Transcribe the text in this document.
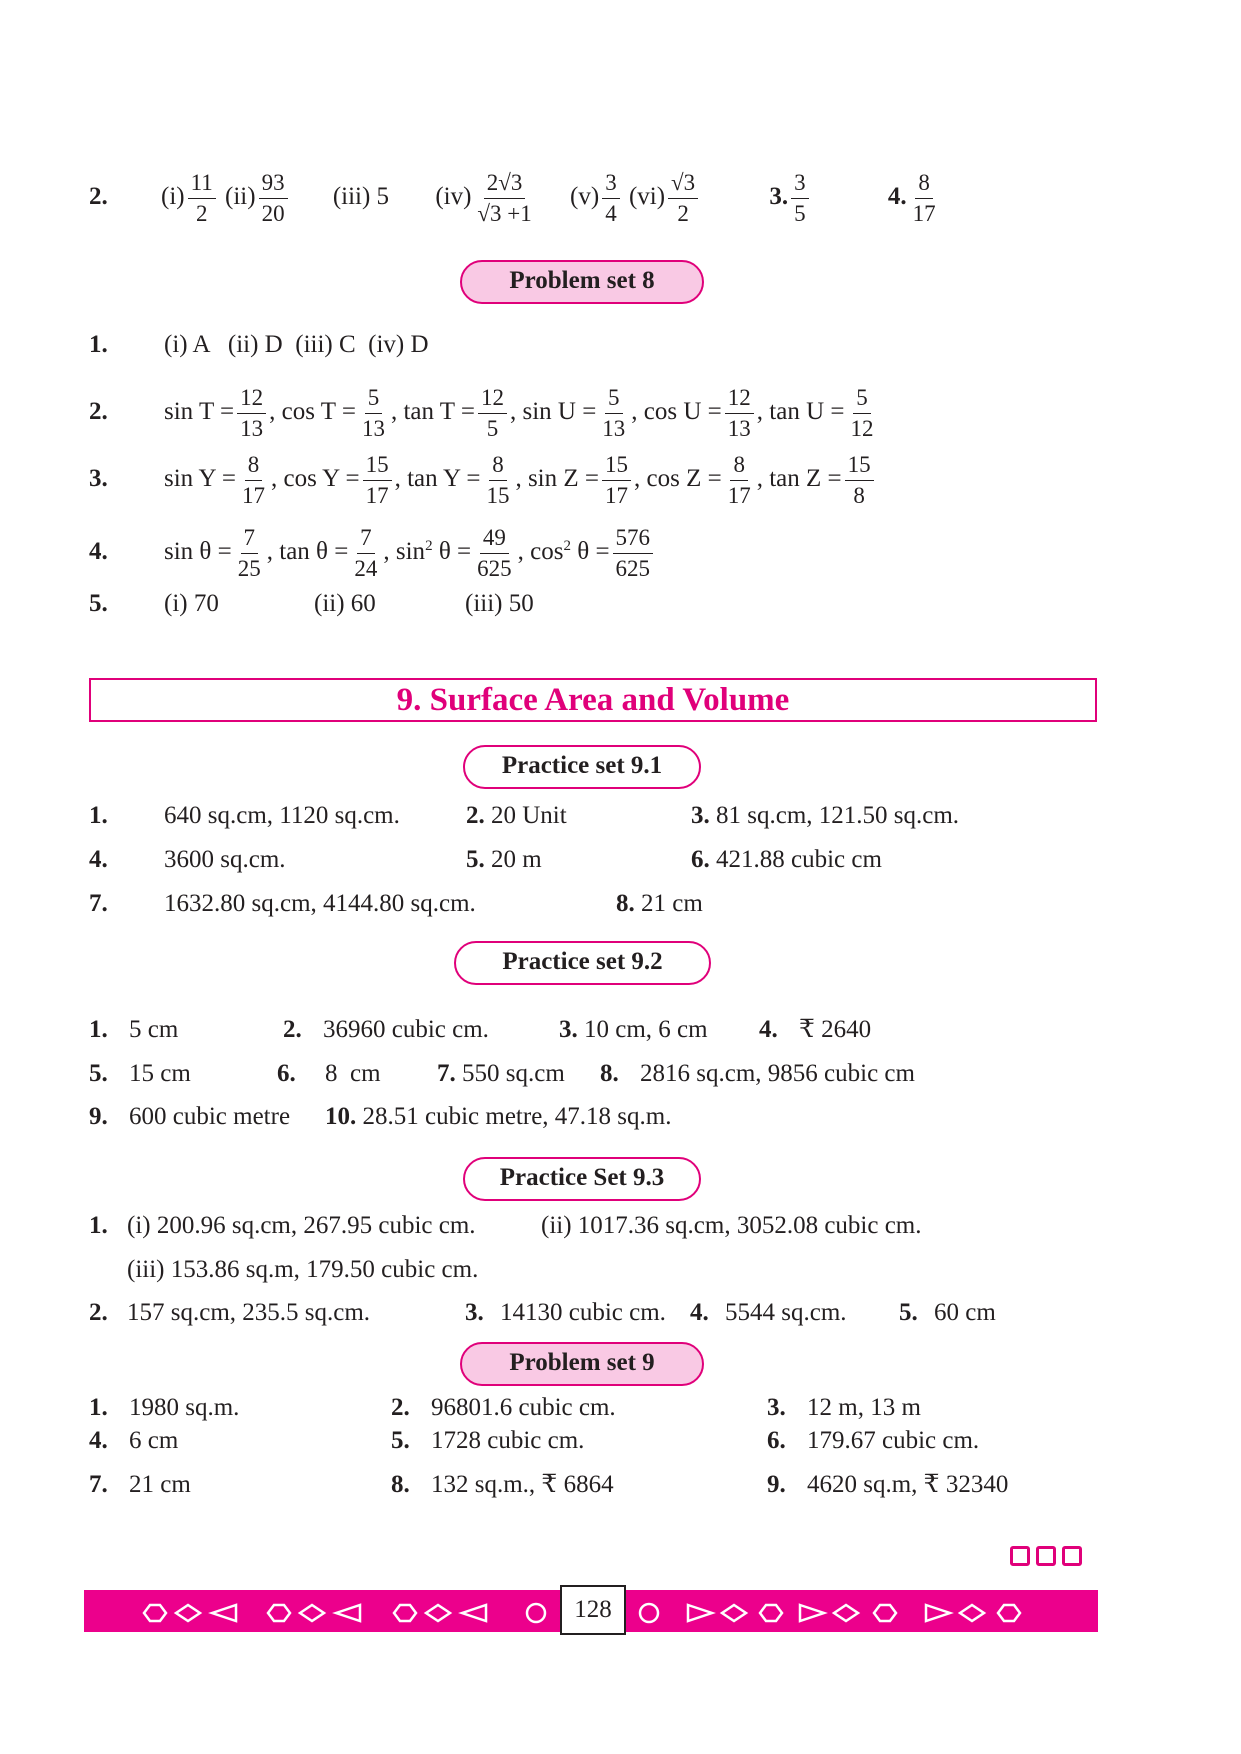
2. $(i) \frac{11}{2} (ii) \frac{93}{20} (iii)$ 5 $(iv) \frac{2√3}{√3 +1} (v) \frac{3}{4} (vi) \frac{√3}{2}$	3. $\frac{3}{5}$	4. $\frac{8}{17}$
Problem set 8
1. (i) A   (ii) D  (iii) C  (iv) D
2. $\sin T = \frac{12}{13}$ , $\cos T = \frac{5}{13}$ , $\tan T = \frac{12}{5}$ , $\sin U = \frac{5}{13}$ , $\cos U = \frac{12}{13}$ , $\tan U = \frac{5}{12}$
3. $\sin Y = \frac{8}{17}$ , $\cos Y = \frac{15}{17}$ , $\tan Y = \frac{8}{15}$ , $\sin Z = \frac{15}{17}$ , $\cos Z = \frac{8}{17}$ , $\tan Z = \frac{15}{8}$
4. $\sin \theta = \frac{7}{25}$ , $\tan \theta = \frac{7}{24}$ , $\sin^2 \theta = \frac{49}{625}$ , $\cos^2 \theta = \frac{576}{625}$
5. (i) 70	(ii) 60	(iii) 50
9. Surface Area and Volume
Practice set 9.1
1. 640 sq.cm, 1120 sq.cm.	2. 20 Unit	3. 81 sq.cm, 121.50 sq.cm.
4. 3600 sq.cm.	5. 20 m	6. 421.88 cubic cm
7. 1632.80 sq.cm, 4144.80 sq.cm.	8. 21 cm
Practice set 9.2
1. 5 cm	2. 36960 cubic cm.	3. 10 cm, 6 cm 4. ₹ 2640
5. 15 cm	6. 8  cm 7. 550 sq.cm 8. 2816 sq.cm, 9856 cubic cm
9. 600 cubic metre 10. 28.51 cubic metre, 47.18 sq.m.
Practice Set 9.3
1. (i) 200.96 sq.cm, 267.95 cubic cm.	(ii) 1017.36 sq.cm, 3052.08 cubic cm.
(iii) 153.86 sq.m, 179.50 cubic cm.
2. 157 sq.cm, 235.5 sq.cm.	3. 14130 cubic cm. 4. 5544 sq.cm. 5. 60 cm
Problem set 9
1. 1980 sq.m.	2. 96801.6 cubic cm.	3. 12 m, 13 m
4. 6 cm	5. 1728 cubic cm.	6. 179.67 cubic cm.
7. 21 cm	8. 132 sq.m., ₹ 6864	9. 4620 sq.m, ₹ 32340
128
